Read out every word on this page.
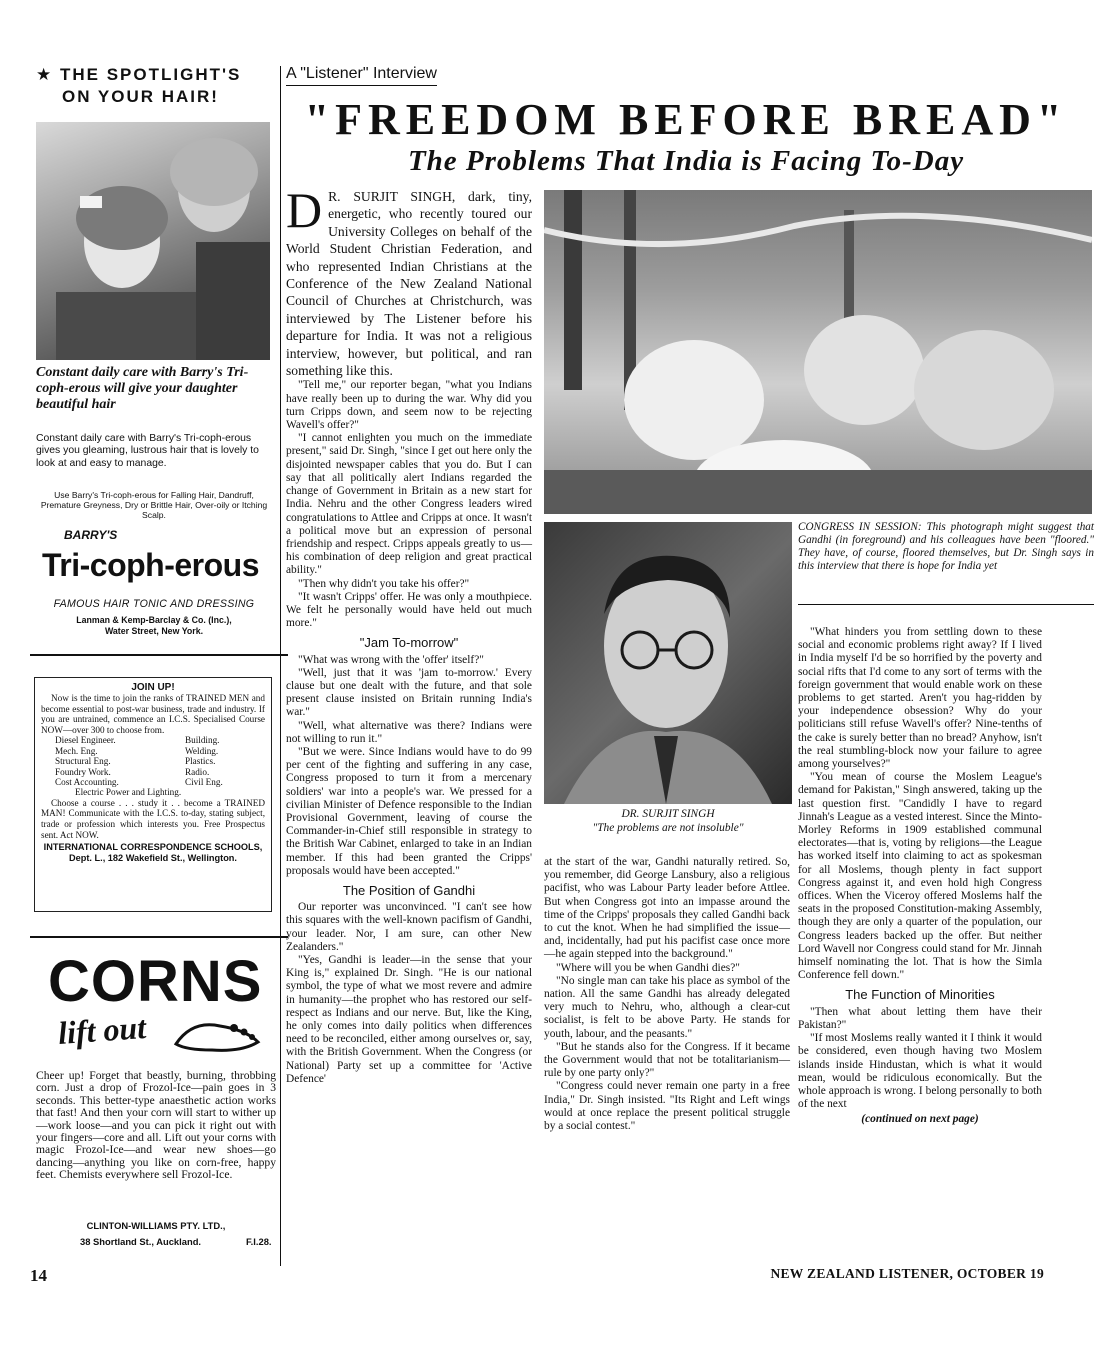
★ THE SPOTLIGHT'S
ON YOUR HAIR!
Constant daily care with Barry's Tri-coph-erous will give your daughter beautiful hair
Constant daily care with Barry's Tri-coph-erous gives you gleaming, lustrous hair that is lovely to look at and easy to manage.
Use Barry's Tri-coph-erous for Falling Hair, Dandruff, Premature Greyness, Dry or Brittle Hair, Over-oily or Itching Scalp.
BARRY'S
Tri-coph-erous
FAMOUS HAIR TONIC AND DRESSING
Lanman & Kemp-Barclay & Co. (Inc.),
Water Street, New York.
JOIN UP!
Now is the time to join the ranks of TRAINED MEN and become essential to post-war business, trade and industry. If you are untrained, commence an I.C.S. Specialised Course NOW—over 300 to choose from.
Diesel Engineer.	Building.
Mech. Eng.	Welding.
Structural Eng.	Plastics.
Foundry Work.	Radio.
Cost Accounting.	Civil Eng.
Electric Power and Lighting.
Choose a course . . . study it . . become a TRAINED MAN! Communicate with the I.C.S. to-day, stating subject, trade or profession which interests you. Free Prospectus sent. Act NOW.
INTERNATIONAL CORRESPONDENCE SCHOOLS,
Dept. L., 182 Wakefield St., Wellington.
CORNS
lift out
Cheer up! Forget that beastly, burning, throbbing corn. Just a drop of Frozol-Ice—pain goes in 3 seconds. This better-type anaesthetic action works that fast! And then your corn will start to wither up—work loose—and you can pick it right out with your fingers—core and all. Lift out your corns with magic Frozol-Ice—and wear new shoes—go dancing—anything you like on corn-free, happy feet. Chemists everywhere sell Frozol-Ice.
CLINTON-WILLIAMS PTY. LTD.,
38 Shortland St., Auckland.	F.I.28.
A "Listener" Interview
"FREEDOM BEFORE BREAD"
The Problems That India is Facing To-Day

D R. SURJIT SINGH, dark, tiny, energetic, who recently toured our University Colleges on behalf of the World Student Christian Federation, and who represented Indian Christians at the Conference of the New Zealand National Council of Churches at Christchurch, was interviewed by The Listener before his departure for India. It was not a religious interview, however, but political, and ran something like this.

"Tell me," our reporter began, "what you Indians have really been up to during the war. Why did you turn Cripps down, and seem now to be rejecting Wavell's offer?"

"I cannot enlighten you much on the immediate present," said Dr. Singh, "since I get out here only the disjointed newspaper cables that you do. But I can say that all politically alert Indians regarded the change of Government in Britain as a new start for India. Nehru and the other Congress leaders wired congratulations to Attlee and Cripps at once. It wasn't a political move but an expression of personal friendship and respect. Cripps appeals greatly to us—his combination of deep religion and great practical ability."

"Then why didn't you take his offer?"

"It wasn't Cripps' offer. He was only a mouthpiece. We felt he personally would have held out much more."

"Jam To-morrow"

"What was wrong with the 'offer' itself?"

"Well, just that it was 'jam to-morrow.' Every clause but one dealt with the future, and that sole present clause insisted on Britain running India's war."

"Well, what alternative was there? Indians were not willing to run it."

"But we were. Since Indians would have to do 99 per cent of the fighting and suffering in any case, Congress proposed to turn it from a mercenary soldiers' war into a people's war. We pressed for a civilian Minister of Defence responsible to the Indian Provisional Government, leaving of course the Commander-in-Chief still responsible in strategy to the British War Cabinet, enlarged to take in an Indian member. If this had been granted the Cripps' proposals would have been accepted."

The Position of Gandhi

Our reporter was unconvinced. "I can't see how this squares with the well-known pacifism of Gandhi, your leader. Nor, I am sure, can other New Zealanders."

"Yes, Gandhi is leader—in the sense that your King is," explained Dr. Singh. "He is our national symbol, the type of what we most revere and admire in humanity—the prophet who has restored our self-respect as Indians and our nerve. But, like the King, he only comes into daily politics when differences need to be reconciled, either among ourselves or, say, with the British Government. When the Congress (or National) Party set up a committee for 'Active Defence'

DR. SURJIT SINGH
"The problems are not insoluble"
CONGRESS IN SESSION: This photograph might suggest that Gandhi (in foreground) and his colleagues have been "floored." They have, of course, floored themselves, but Dr. Singh says in this interview that there is hope for India yet

at the start of the war, Gandhi naturally retired. So, you remember, did George Lansbury, also a religious pacifist, who was Labour Party leader before Attlee. But when Congress got into an impasse around the time of the Cripps' proposals they called Gandhi back to cut the knot. When he had simplified the issue—and, incidentally, had put his pacifist case once more—he again stepped into the background."

"Where will you be when Gandhi dies?"

"No single man can take his place as symbol of the nation. All the same Gandhi has already delegated very much to Nehru, who, although a clear-cut socialist, is felt to be above Party. He stands for youth, labour, and the peasants."

"But he stands also for the Congress. If it became the Government would that not be totalitarianism—rule by one party only?"

"Congress could never remain one party in a free India," Dr. Singh insisted. "Its Right and Left wings would at once replace the present political struggle by a social contest."

"What hinders you from settling down to these social and economic problems right away? If I lived in India myself I'd be so horrified by the poverty and social rifts that I'd come to any sort of terms with the foreign government that would enable work on these problems to get started. Aren't you hag-ridden by your independence obsession? Why do your politicians still refuse Wavell's offer? Nine-tenths of the cake is surely better than no bread? Anyhow, isn't the real stumbling-block now your failure to agree among yourselves?"

"You mean of course the Moslem League's demand for Pakistan," Singh answered, taking up the last question first. "Candidly I have to regard Jinnah's League as a vested interest. Since the Minto-Morley Reforms in 1909 established communal electorates—that is, voting by religions—the League has worked itself into claiming to act as spokesman for all Moslems, though plenty in fact support Congress against it, and even hold high Congress offices. When the Viceroy offered Moslems half the seats in the proposed Constitution-making Assembly, though they are only a quarter of the population, our Congress leaders backed up the offer. But neither Lord Wavell nor Congress could stand for Mr. Jinnah himself nominating the lot. That is how the Simla Conference fell down."

The Function of Minorities

"Then what about letting them have their Pakistan?"

"If most Moslems really wanted it I think it would be considered, even though having two Moslem islands inside Hindustan, which is what it would mean, would be ridiculous economically. But the whole approach is wrong. I belong personally to both of the next

(continued on next page)
14	NEW ZEALAND LISTENER, OCTOBER 19
